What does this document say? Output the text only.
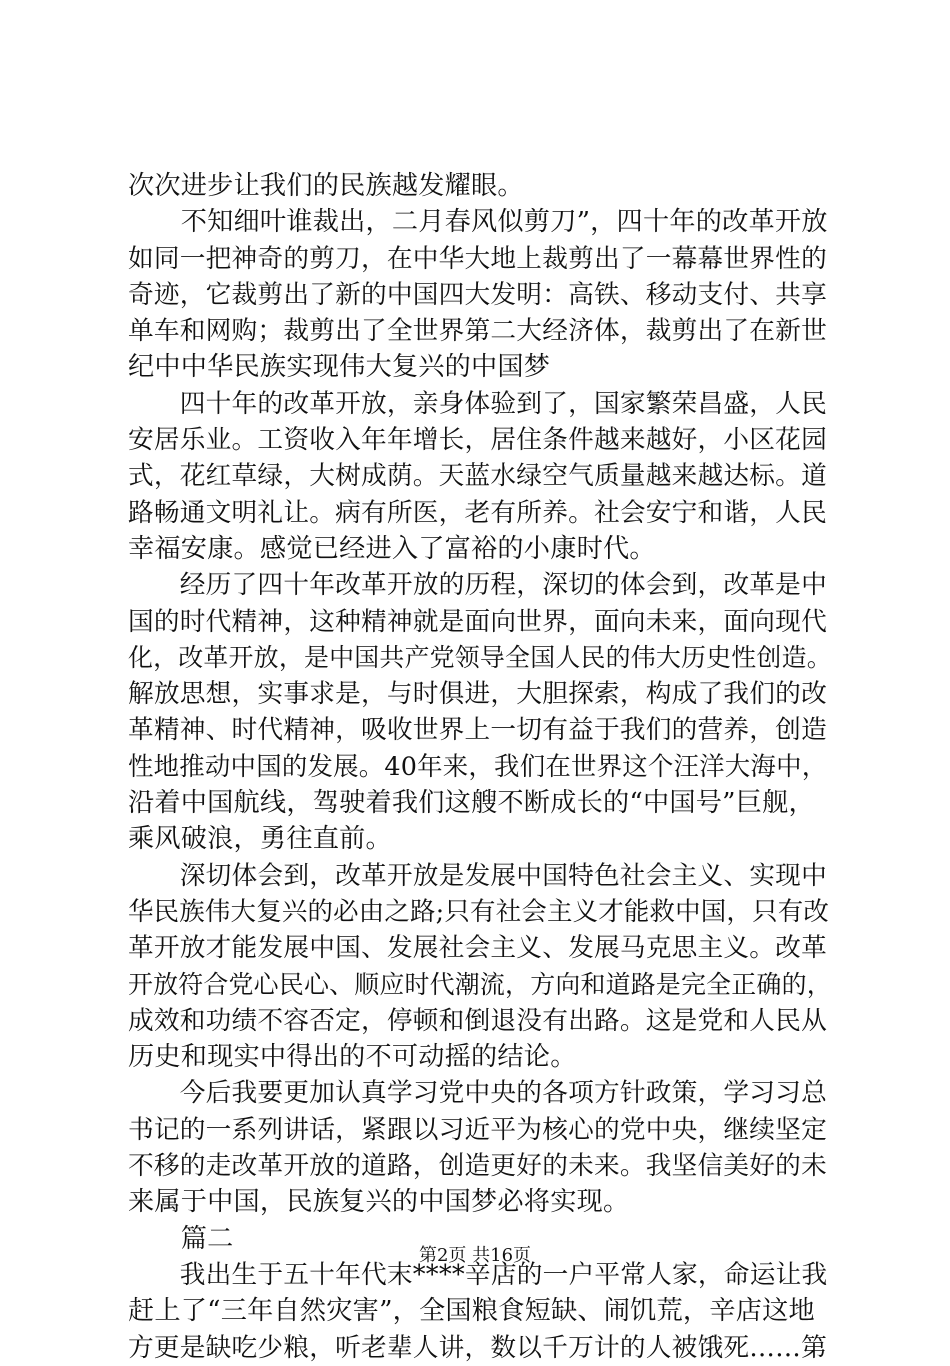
次次进步让我们的民族越发耀眼。

　　不知细叶谁裁出，二月春风似剪刀”，四十年的改革开放

如同一把神奇的剪刀，在中华大地上裁剪出了一幕幕世界性的

奇迹，它裁剪出了新的中国四大发明：高铁、移动支付、共享

单车和网购；裁剪出了全世界第二大经济体，裁剪出了在新世

纪中中华民族实现伟大复兴的中国梦

　　四十年的改革开放，亲身体验到了，国家繁荣昌盛，人民

安居乐业。工资收入年年增长，居住条件越来越好，小区花园

式，花红草绿，大树成荫。天蓝水绿空气质量越来越达标。道

路畅通文明礼让。病有所医，老有所养。社会安宁和谐，人民

幸福安康。感觉已经进入了富裕的小康时代。

　　经历了四十年改革开放的历程，深切的体会到，改革是中

国的时代精神，这种精神就是面向世界，面向未来，面向现代

化，改革开放，是中国共产党领导全国人民的伟大历史性创造。

解放思想，实事求是，与时俱进，大胆探索，构成了我们的改

革精神、时代精神，吸收世界上一切有益于我们的营养，创造

性地推动中国的发展。40年来，我们在世界这个汪洋大海中，

沿着中国航线，驾驶着我们这艘不断成长的“中国号”巨舰，

乘风破浪，勇往直前。

　　深切体会到，改革开放是发展中国特色社会主义、实现中

华民族伟大复兴的必由之路;只有社会主义才能救中国，只有改

革开放才能发展中国、发展社会主义、发展马克思主义。改革

开放符合党心民心、顺应时代潮流，方向和道路是完全正确的，

成效和功绩不容否定，停顿和倒退没有出路。这是党和人民从

历史和现实中得出的不可动摇的结论。

　　今后我要更加认真学习党中央的各项方针政策，学习习总

书记的一系列讲话，紧跟以习近平为核心的党中央，继续坚定

不移的走改革开放的道路，创造更好的未来。我坚信美好的未

来属于中国，民族复兴的中国梦必将实现。

　　篇二

　　我出生于五十年代末****辛店的一户平常人家，命运让我

赶上了“三年自然灾害”，全国粮食短缺、闹饥荒，辛店这地

方更是缺吃少粮，听老辈人讲，数以千万计的人被饿死……第

第2页 共16页
